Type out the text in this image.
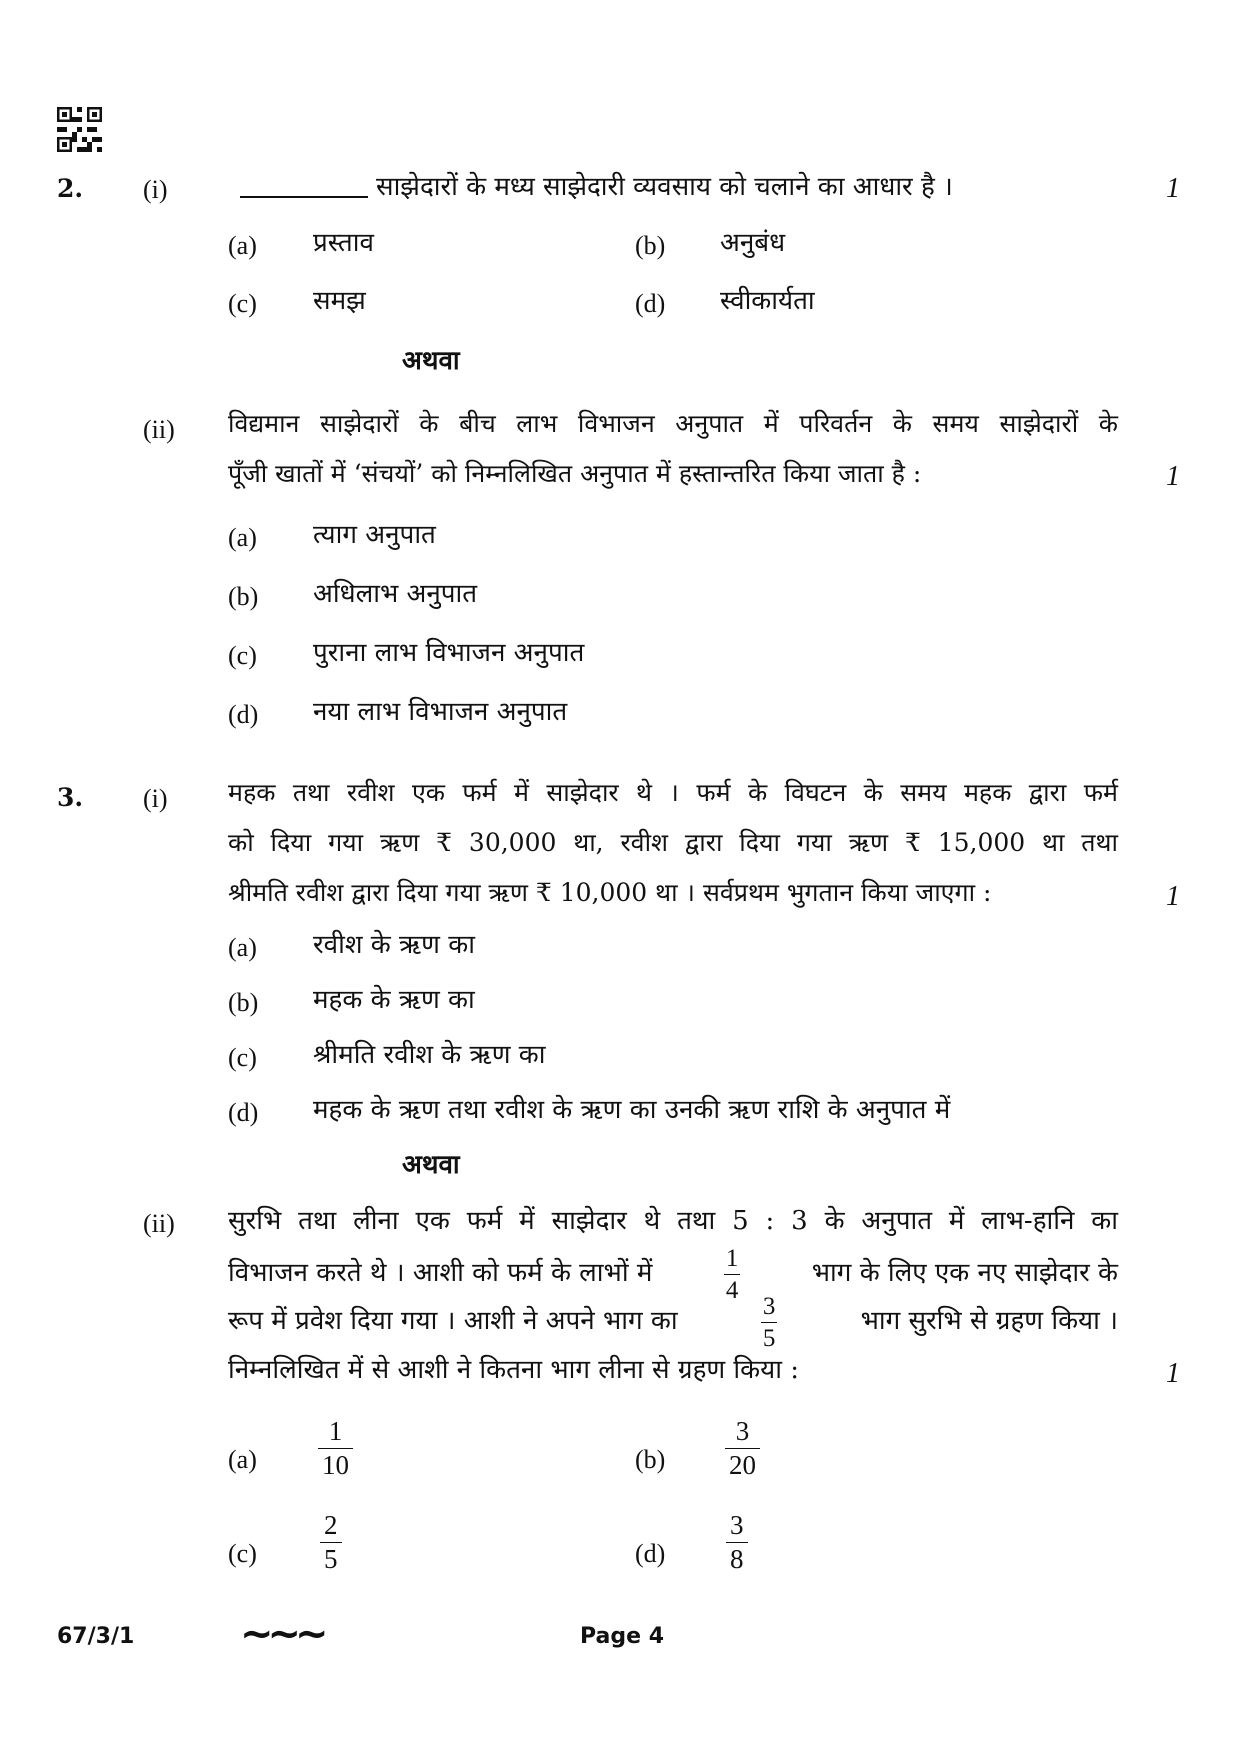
2. (i)	साझेदारों के मध्य साझेदारी व्यवसाय को चलाने का आधार है ।	1
(a) प्रस्ताव	(b) अनुबंध
(c) समझ	(d) स्वीकार्यता
अथवा
(ii) विद्यमान साझेदारों के बीच लाभ विभाजन अनुपात में परिवर्तन के समय साझेदारों के
पूँजी खातों में ‘संचयों’ को निम्नलिखित अनुपात में हस्तान्तरित किया जाता है :	1
(a) त्याग अनुपात
(b) अधिलाभ अनुपात
(c) पुराना लाभ विभाजन अनुपात
(d) नया लाभ विभाजन अनुपात
3. (i) महक तथा रवीश एक फर्म में साझेदार थे । फर्म के विघटन के समय महक द्वारा फर्म
को दिया गया ऋण ₹ 30,000 था, रवीश द्वारा दिया गया ऋण ₹ 15,000 था तथा
श्रीमति रवीश द्वारा दिया गया ऋण ₹ 10,000 था । सर्वप्रथम भुगतान किया जाएगा :	1
(a) रवीश के ऋण का
(b) महक के ऋण का
(c) श्रीमति रवीश के ऋण का
(d) महक के ऋण तथा रवीश के ऋण का उनकी ऋण राशि के अनुपात में
अथवा
(ii) सुरभि तथा लीना एक फर्म में साझेदार थे तथा 5 : 3 के अनुपात में लाभ-हानि का
विभाजन करते थे । आशी को फर्म के लाभों में	$\frac{1}{4}$	भाग के लिए एक नए साझेदार के
रूप में प्रवेश दिया गया । आशी ने अपने भाग का	$\frac{3}{5}$	भाग सुरभि से ग्रहण किया ।
निम्नलिखित में से आशी ने कितना भाग लीना से ग्रहण किया :	1
$(a) \frac{1}{10}$	$(b) \frac{3}{20}$
$(c) \frac{2}{5}$	$(d) \frac{3}{8}$
67/3/1	~~~	Page 4
